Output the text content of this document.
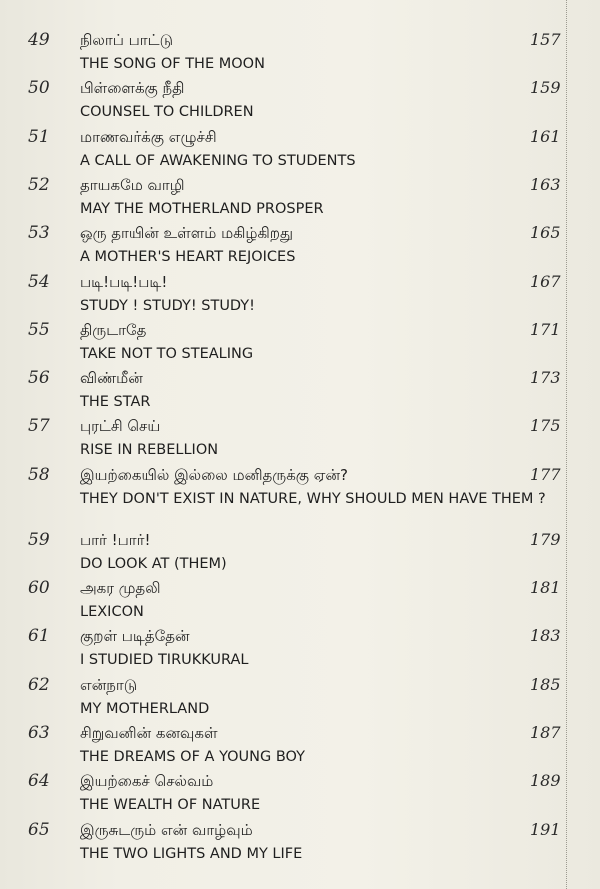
49 நிலாப் பாட்டு	157
THE SONG OF THE MOON
50 பிள்ளைக்கு நீதி	159
COUNSEL TO CHILDREN
51 மாணவர்க்கு எழுச்சி	161
A CALL OF AWAKENING TO STUDENTS
52 தாயகமே வாழி	163
MAY THE MOTHERLAND PROSPER
53 ஒரு தாயின் உள்ளம் மகிழ்கிறது	165
A MOTHER'S HEART REJOICES
54 படி!படி!படி!	167
STUDY ! STUDY! STUDY!
55 திருடாதே	171
TAKE NOT TO STEALING
56 விண்மீன்	173
THE STAR
57 புரட்சி செய்	175
RISE IN REBELLION
58 இயற்கையில் இல்லை மனிதருக்கு ஏன்?	177
THEY DON'T EXIST IN NATURE, WHY SHOULD MEN HAVE THEM ?
59 பார் !பார்!	179
DO LOOK AT (THEM)
60 அகர முதலி	181
LEXICON
61 குறள் படித்தேன்	183
I STUDIED TIRUKKURAL
62 என்நாடு	185
MY MOTHERLAND
63 சிறுவனின் கனவுகள்	187
THE DREAMS OF A YOUNG BOY
64 இயற்கைச் செல்வம்	189
THE WEALTH OF NATURE
65 இருசுடரும் என் வாழ்வும்	191
THE TWO LIGHTS AND MY LIFE
